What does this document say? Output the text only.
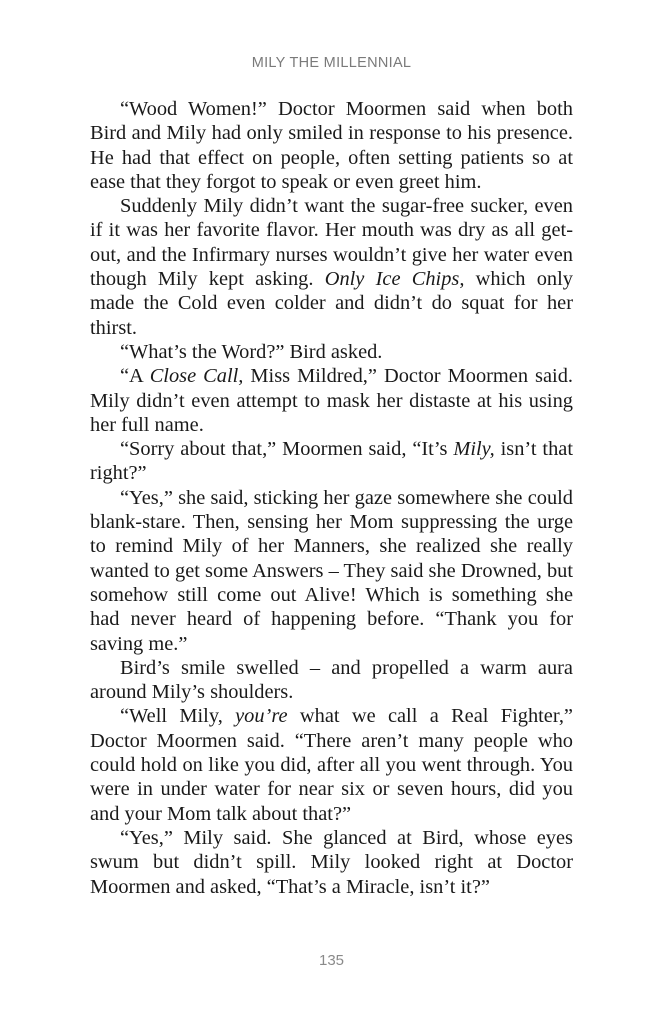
MILY THE MILLENNIAL

“Wood Women!” Doctor Moormen said when both Bird and Mily had only smiled in response to his presence. He had that effect on people, often setting patients so at ease that they forgot to speak or even greet him.

Suddenly Mily didn’t want the sugar-free sucker, even if it was her favorite flavor. Her mouth was dry as all get-out, and the Infirmary nurses wouldn’t give her water even though Mily kept asking. Only Ice Chips, which only made the Cold even colder and didn’t do squat for her thirst.

“What’s the Word?” Bird asked.

“A Close Call, Miss Mildred,” Doctor Moormen said. Mily didn’t even attempt to mask her distaste at his using her full name.

“Sorry about that,” Moormen said, “It’s Mily, isn’t that right?”

“Yes,” she said, sticking her gaze somewhere she could blank-stare. Then, sensing her Mom suppressing the urge to remind Mily of her Manners, she realized she really wanted to get some Answers – They said she Drowned, but somehow still come out Alive! Which is something she had never heard of happening before. “Thank you for saving me.”

Bird’s smile swelled – and propelled a warm aura around Mily’s shoulders.

“Well Mily, you’re what we call a Real Fighter,” Doctor Moormen said. “There aren’t many people who could hold on like you did, after all you went through. You were in under water for near six or seven hours, did you and your Mom talk about that?”

“Yes,” Mily said. She glanced at Bird, whose eyes swum but didn’t spill. Mily looked right at Doctor Moormen and asked, “That’s a Miracle, isn’t it?”

135
